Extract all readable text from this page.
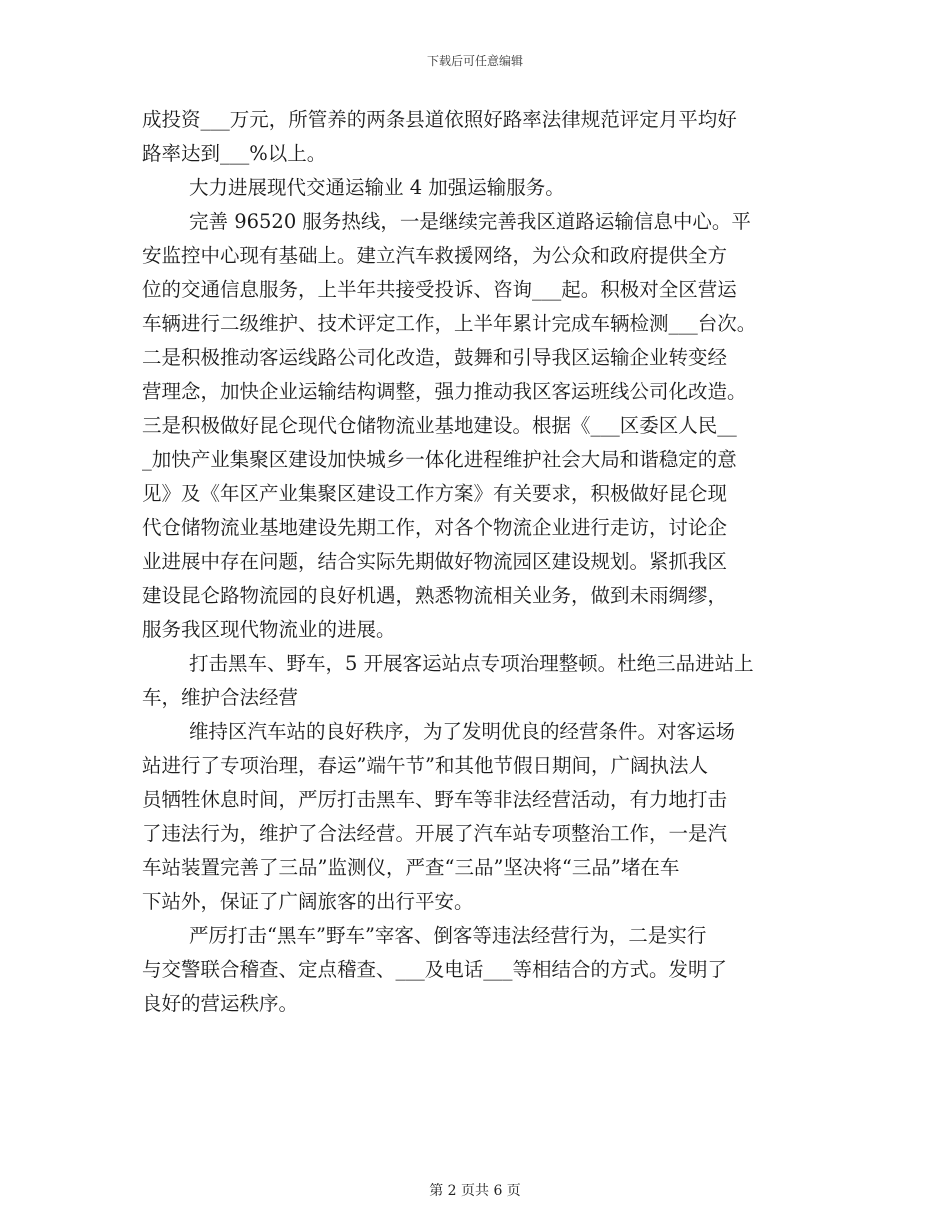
下载后可任意编辑
成投资___万元，所管养的两条县道依照好路率法律规范评定月平均好
路率达到___%以上。
大力进展现代交通运输业 4 加强运输服务。
完善 96520 服务热线，一是继续完善我区道路运输信息中心。平
安监控中心现有基础上。建立汽车救援网络，为公众和政府提供全方
位的交通信息服务，上半年共接受投诉、咨询___起。积极对全区营运
车辆进行二级维护、技术评定工作，上半年累计完成车辆检测___台次。
二是积极推动客运线路公司化改造，鼓舞和引导我区运输企业转变经
营理念，加快企业运输结构调整，强力推动我区客运班线公司化改造。
三是积极做好昆仑现代仓储物流业基地建设。根据《___区委区人民__
_加快产业集聚区建设加快城乡一体化进程维护社会大局和谐稳定的意
见》及《年区产业集聚区建设工作方案》有关要求，积极做好昆仑现
代仓储物流业基地建设先期工作，对各个物流企业进行走访，讨论企
业进展中存在问题，结合实际先期做好物流园区建设规划。紧抓我区
建设昆仑路物流园的良好机遇，熟悉物流相关业务，做到未雨绸缪，
服务我区现代物流业的进展。
打击黑车、野车，5 开展客运站点专项治理整顿。杜绝三品进站上
车，维护合法经营
维持区汽车站的良好秩序，为了发明优良的经营条件。对客运场
站进行了专项治理，春运”端午节”和其他节假日期间，广阔执法人
员牺牲休息时间，严厉打击黑车、野车等非法经营活动，有力地打击
了违法行为，维护了合法经营。开展了汽车站专项整治工作，一是汽
车站装置完善了三品”监测仪，严查“三品”坚决将“三品”堵在车
下站外，保证了广阔旅客的出行平安。
严厉打击“黑车”野车”宰客、倒客等违法经营行为，二是实行
与交警联合稽查、定点稽查、___及电话___等相结合的方式。发明了
良好的营运秩序。
第 2 页共 6 页
